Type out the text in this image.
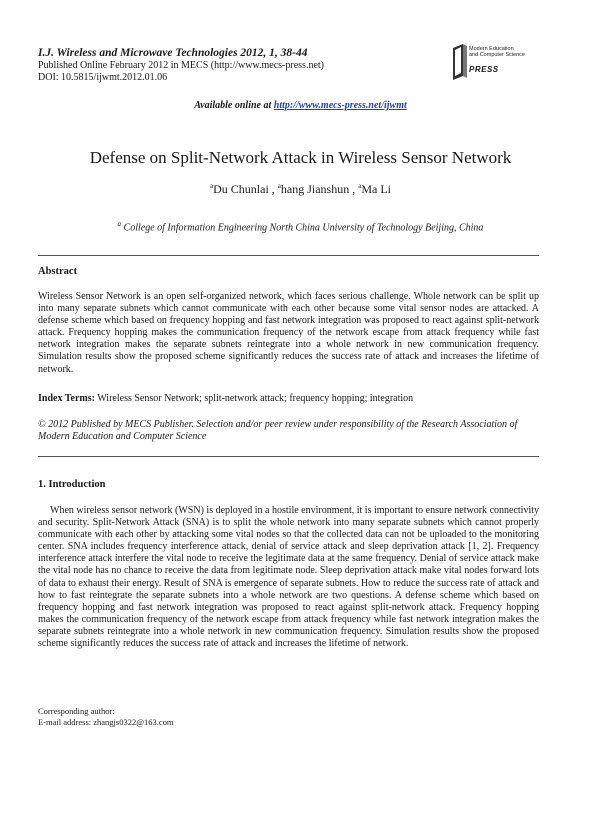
I.J. Wireless and Microwave Technologies 2012, 1, 38-44
Published Online February 2012 in MECS (http://www.mecs-press.net)
DOI: 10.5815/ijwmt.2012.01.06
Modern Education
and Computer Science
PRESS
Available online at http://www.mecs-press.net/ijwmt
Defense on Split-Network Attack in Wireless Sensor Network
$^a$Du Chunlai , $^a$hang Jianshun , $^a$Ma Li
$^a$ College of Information Engineering North China University of Technology Beijing, China
Abstract
Wireless Sensor Network is an open self-organized network, which faces serious challenge. Whole network can be split up into many separate subnets which cannot communicate with each other because some vital sensor nodes are attacked. A defense scheme which based on frequency hopping and fast network integration was proposed to react against split-network attack. Frequency hopping makes the communication frequency of the network escape from attack frequency while fast network integration makes the separate subnets reintegrate into a whole network in new communication frequency. Simulation results show the proposed scheme significantly reduces the success rate of attack and increases the lifetime of network.
Index Terms: Wireless Sensor Network; split-network attack; frequency hopping; integration
© 2012 Published by MECS Publisher. Selection and/or peer review under responsibility of the Research Association of Modern Education and Computer Science
1. Introduction
When wireless sensor network (WSN) is deployed in a hostile environment, it is important to ensure network connectivity and security. Split-Network Attack (SNA) is to split the whole network into many separate subnets which cannot properly communicate with each other by attacking some vital nodes so that the collected data can not be uploaded to the monitoring center. SNA includes frequency interference attack, denial of service attack and sleep deprivation attack [1, 2]. Frequency interference attack interfere the vital node to receive the legitimate data at the same frequency. Denial of service attack make the vital node has no chance to receive the data from legitimate node. Sleep deprivation attack make vital nodes forward lots of data to exhaust their energy. Result of SNA is emergence of separate subnets. How to reduce the success rate of attack and how to fast reintegrate the separate subnets into a whole network are two questions. A defense scheme which based on frequency hopping and fast network integration was proposed to react against split-network attack. Frequency hopping makes the communication frequency of the network escape from attack frequency while fast network integration makes the separate subnets reintegrate into a whole network in new communication frequency. Simulation results show the proposed scheme significantly reduces the success rate of attack and increases the lifetime of network.
Corresponding author:
E-mail address: zhangjs0322@163.com
